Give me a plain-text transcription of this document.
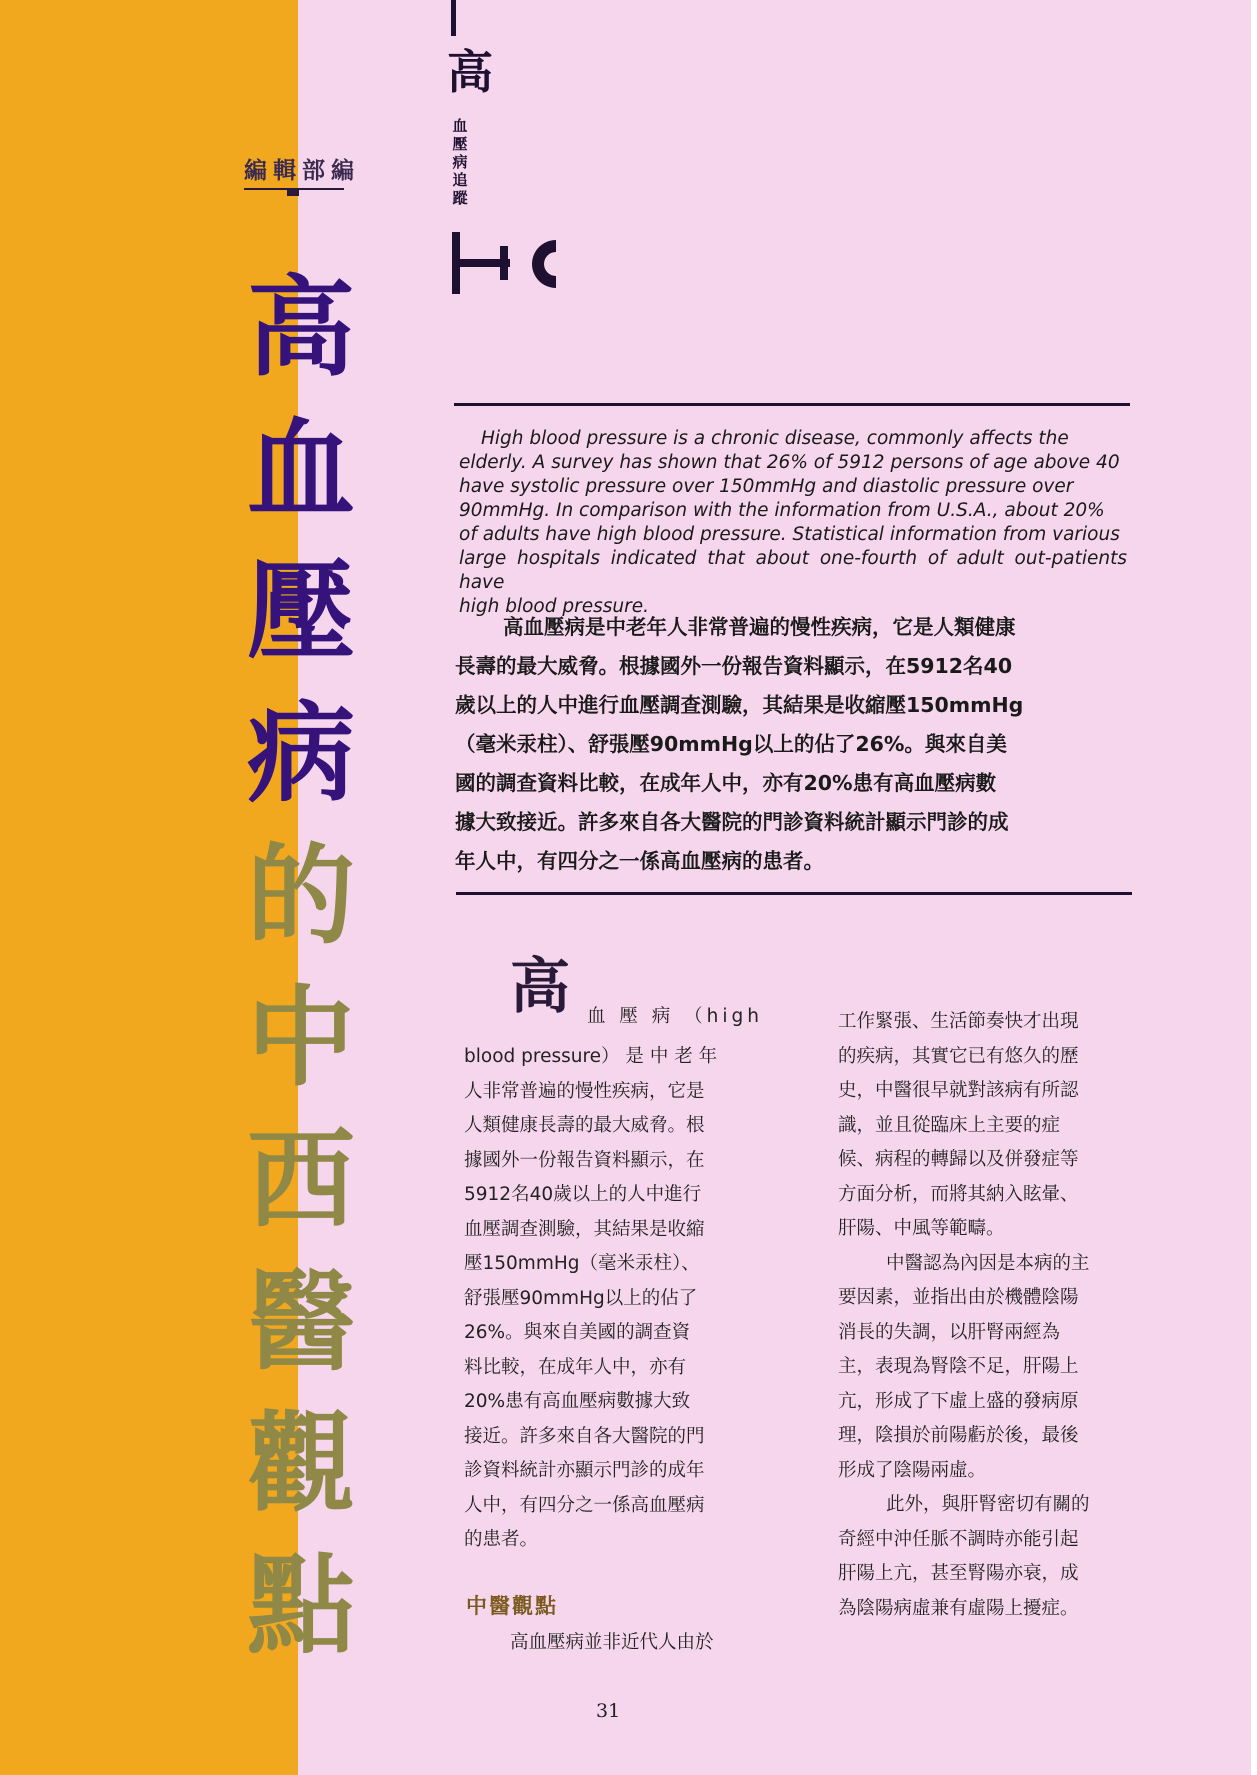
編輯部編
高
血
壓
病
的
中
西
醫
觀
點
高
血
壓
病
追
蹤
High blood pressure is a chronic disease, commonly affects the
elderly. A survey has shown that 26% of 5912 persons of age above 40
have systolic pressure over 150mmHg and diastolic pressure over
90mmHg. In comparison with the information from U.S.A., about 20%
of adults have high blood pressure. Statistical information from various
large hospitals indicated that about one-fourth of adult out-patients have
high blood pressure.
高血壓病是中老年人非常普遍的慢性疾病，它是人類健康
長壽的最大威脅。根據國外一份報告資料顯示，在5912名40
歲以上的人中進行血壓調查測驗，其結果是收縮壓150mmHg
（毫米汞柱）、舒張壓90mmHg以上的佔了26%。與來自美
國的調查資料比較，在成年人中，亦有20%患有高血壓病數
據大致接近。許多來自各大醫院的門診資料統計顯示門診的成
年人中，有四分之一係高血壓病的患者。
高 血 壓 病 （high
blood pressure） 是 中 老 年
人非常普遍的慢性疾病，它是
人類健康長壽的最大威脅。根
據國外一份報告資料顯示，在
5912名40歲以上的人中進行
血壓調查測驗，其結果是收縮
壓150mmHg（毫米汞柱）、
舒張壓90mmHg以上的佔了
26%。與來自美國的調查資
料比較，在成年人中，亦有
20%患有高血壓病數據大致
接近。許多來自各大醫院的門
診資料統計亦顯示門診的成年
人中，有四分之一係高血壓病
的患者。
中醫觀點
高血壓病並非近代人由於
工作緊張、生活節奏快才出現
的疾病，其實它已有悠久的歷
史，中醫很早就對該病有所認
識，並且從臨床上主要的症
候、病程的轉歸以及併發症等
方面分析，而將其納入眩暈、
肝陽、中風等範疇。
中醫認為內因是本病的主
要因素，並指出由於機體陰陽
消長的失調，以肝腎兩經為
主，表現為腎陰不足，肝陽上
亢，形成了下虛上盛的發病原
理，陰損於前陽虧於後，最後
形成了陰陽兩虛。
此外，與肝腎密切有關的
奇經中沖任脈不調時亦能引起
肝陽上亢，甚至腎陽亦衰，成
為陰陽病虛兼有虛陽上擾症。
31
